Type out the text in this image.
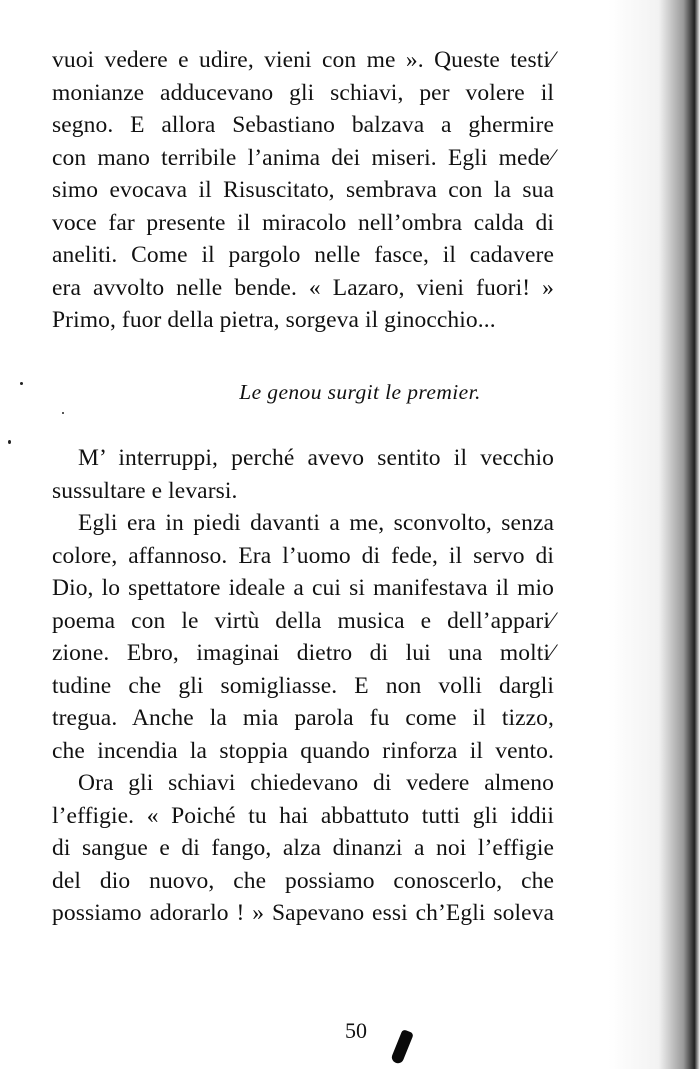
vuoi vedere e udire, vieni con me ». Queste testi⁄
monianze adducevano gli schiavi, per volere il
segno. E allora Sebastiano balzava a ghermire
con mano terribile l’anima dei miseri. Egli mede⁄
simo evocava il Risuscitato, sembrava con la sua
voce far presente il miracolo nell’ombra calda di
aneliti. Come il pargolo nelle fasce, il cadavere
era avvolto nelle bende. « Lazaro, vieni fuori! »
Primo, fuor della pietra, sorgeva il ginocchio...
Le genou surgit le premier.
M’ interruppi, perché avevo sentito il vecchio
sussultare e levarsi.
Egli era in piedi davanti a me, sconvolto, senza
colore, affannoso. Era l’uomo di fede, il servo di
Dio, lo spettatore ideale a cui si manifestava il mio
poema con le virtù della musica e dell’appari⁄
zione. Ebro, imaginai dietro di lui una molti⁄
tudine che gli somigliasse. E non volli dargli
tregua. Anche la mia parola fu come il tizzo,
che incendia la stoppia quando rinforza il vento.
Ora gli schiavi chiedevano di vedere almeno
l’effigie. « Poiché tu hai abbattuto tutti gli iddii
di sangue e di fango, alza dinanzi a noi l’effigie
del dio nuovo, che possiamo conoscerlo, che
possiamo adorarlo ! » Sapevano essi ch’Egli soleva
50
